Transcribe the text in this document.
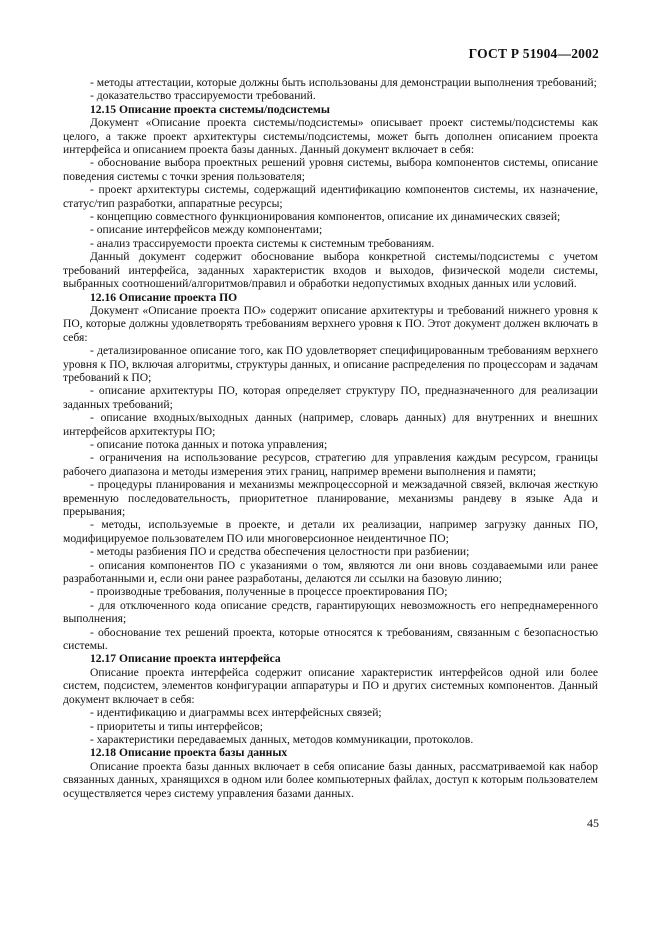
ГОСТ Р 51904—2002

- методы аттестации, которые должны быть использованы для демонстрации выполнения требований;

- доказательство трассируемости требований.

12.15 Описание проекта системы/подсистемы

Документ «Описание проекта системы/подсистемы» описывает проект системы/подсистемы как целого, а также проект архитектуры системы/подсистемы, может быть дополнен описанием проекта интерфейса и описанием проекта базы данных. Данный документ включает в себя:

- обоснование выбора проектных решений уровня системы, выбора компонентов системы, описание поведения системы с точки зрения пользователя;

- проект архитектуры системы, содержащий идентификацию компонентов системы, их назначение, статус/тип разработки, аппаратные ресурсы;

- концепцию совместного функционирования компонентов, описание их динамических связей;

- описание интерфейсов между компонентами;

- анализ трассируемости проекта системы к системным требованиям.

Данный документ содержит обоснование выбора конкретной системы/подсистемы с учетом требований интерфейса, заданных характеристик входов и выходов, физической модели системы, выбранных соотношений/алгоритмов/правил и обработки недопустимых входных данных или условий.

12.16 Описание проекта ПО

Документ «Описание проекта ПО» содержит описание архитектуры и требований нижнего уровня к ПО, которые должны удовлетворять требованиям верхнего уровня к ПО. Этот документ должен включать в себя:

- детализированное описание того, как ПО удовлетворяет специфицированным требованиям верхнего уровня к ПО, включая алгоритмы, структуры данных, и описание распределения по процессорам и задачам требований к ПО;

- описание архитектуры ПО, которая определяет структуру ПО, предназначенного для реализации заданных требований;

- описание входных/выходных данных (например, словарь данных) для внутренних и внешних интерфейсов архитектуры ПО;

- описание потока данных и потока управления;

- ограничения на использование ресурсов, стратегию для управления каждым ресурсом, границы рабочего диапазона и методы измерения этих границ, например времени выполнения и памяти;

- процедуры планирования и механизмы межпроцессорной и межзадачной связей, включая жесткую временную последовательность, приоритетное планирование, механизмы рандеву в языке Ада и прерывания;

- методы, используемые в проекте, и детали их реализации, например загрузку данных ПО, модифицируемое пользователем ПО или многоверсионное неидентичное ПО;

- методы разбиения ПО и средства обеспечения целостности при разбиении;

- описания компонентов ПО с указаниями о том, являются ли они вновь создаваемыми или ранее разработанными и, если они ранее разработаны, делаются ли ссылки на базовую линию;

- производные требования, полученные в процессе проектирования ПО;

- для отключенного кода описание средств, гарантирующих невозможность его непреднамеренного выполнения;

- обоснование тех решений проекта, которые относятся к требованиям, связанным с безопасностью системы.

12.17 Описание проекта интерфейса

Описание проекта интерфейса содержит описание характеристик интерфейсов одной или более систем, подсистем, элементов конфигурации аппаратуры и ПО и других системных компонентов. Данный документ включает в себя:

- идентификацию и диаграммы всех интерфейсных связей;

- приоритеты и типы интерфейсов;

- характеристики передаваемых данных, методов коммуникации, протоколов.

12.18 Описание проекта базы данных

Описание проекта базы данных включает в себя описание базы данных, рассматриваемой как набор связанных данных, хранящихся в одном или более компьютерных файлах, доступ к которым пользователем осуществляется через систему управления базами данных.

45
